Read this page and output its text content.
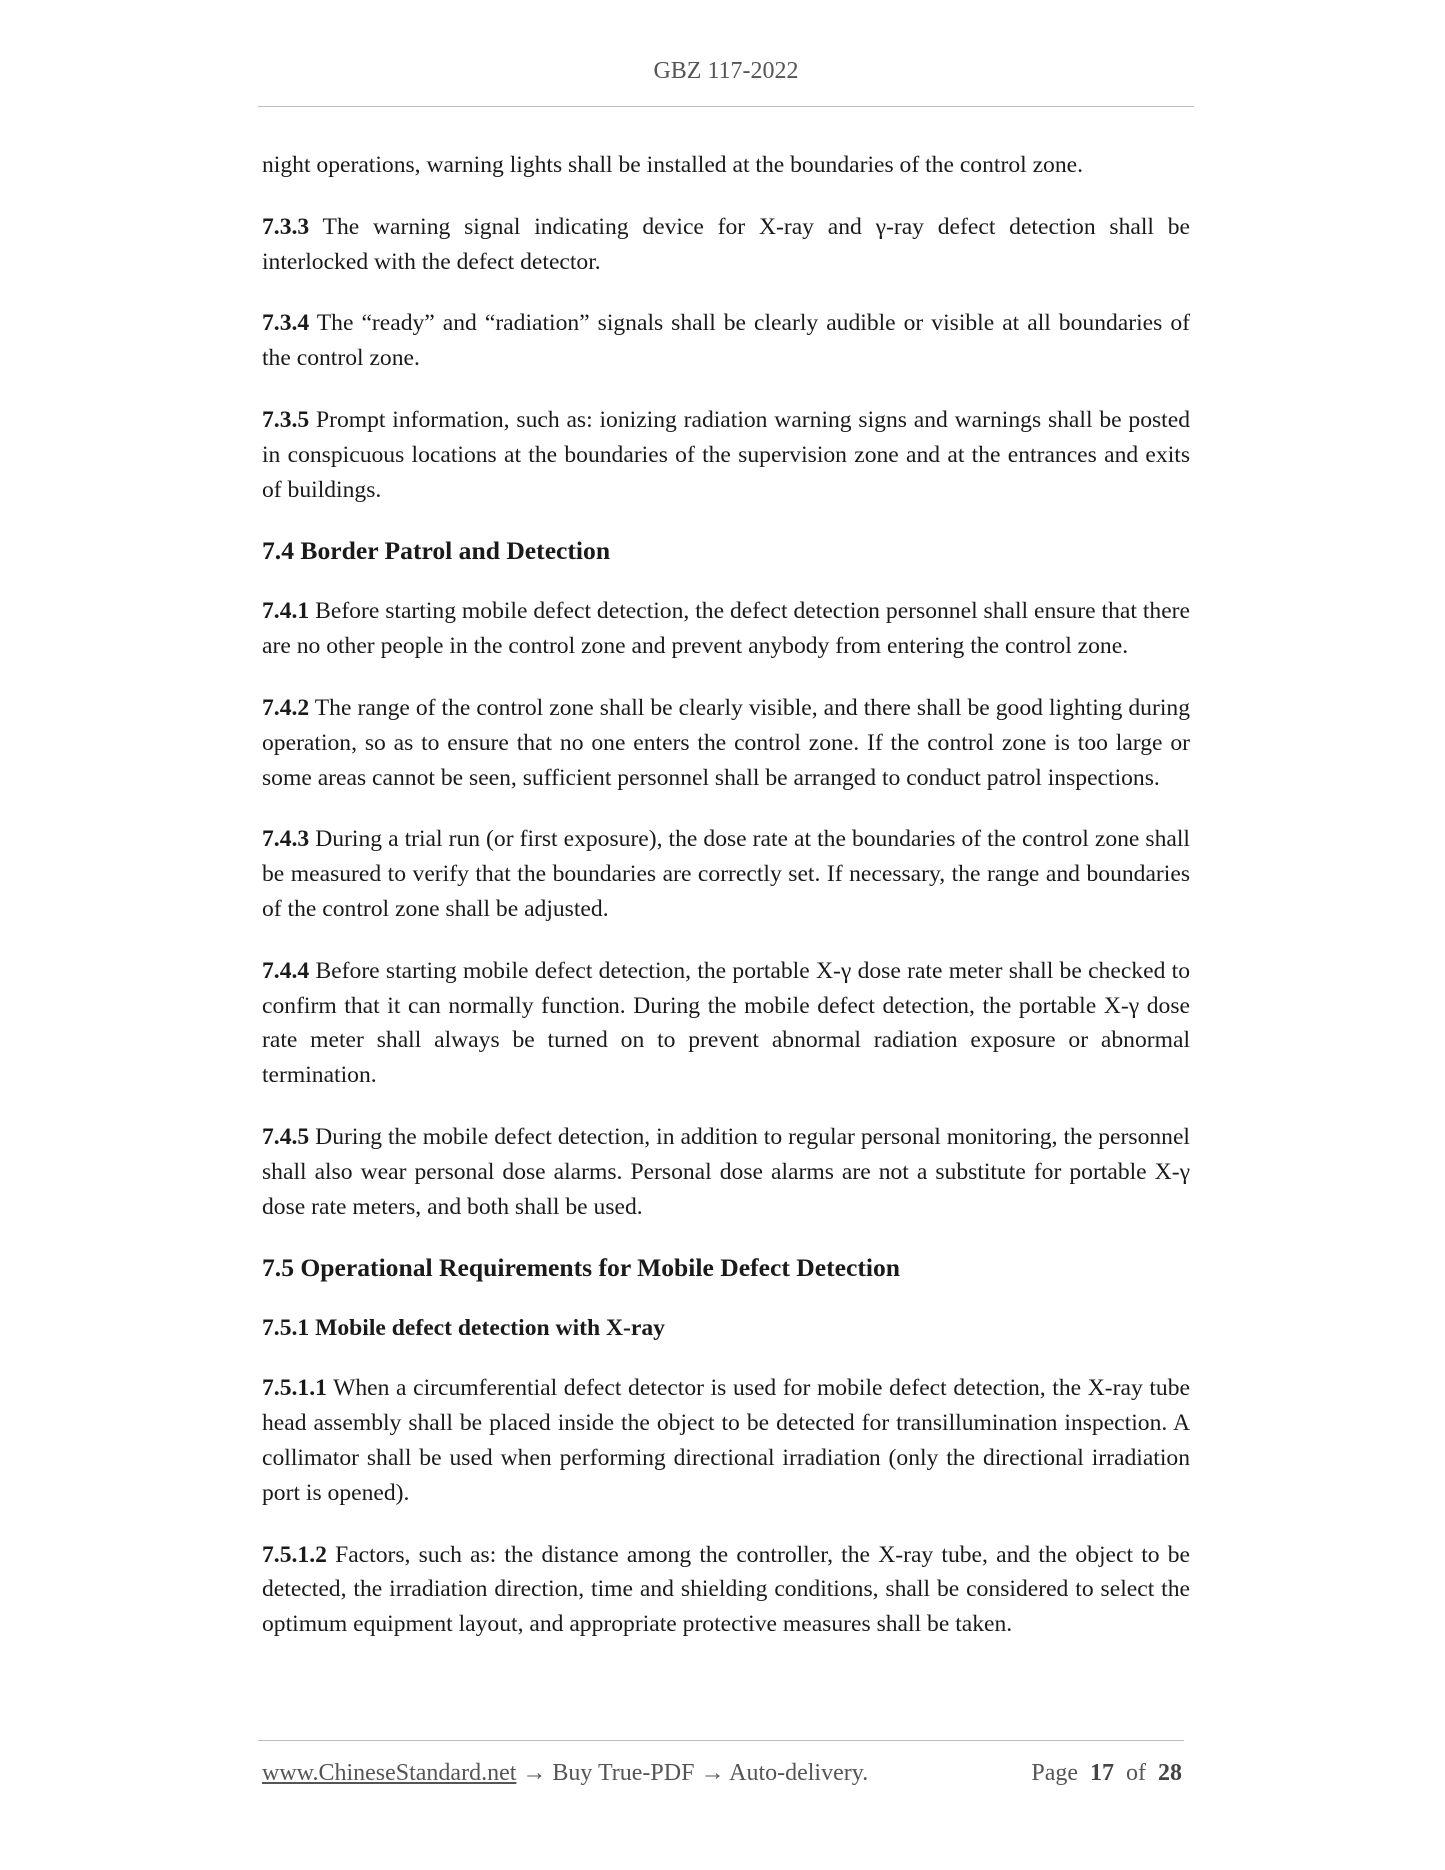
GBZ 117-2022

night operations, warning lights shall be installed at the boundaries of the control zone.

7.3.3 The warning signal indicating device for X-ray and γ-ray defect detection shall be interlocked with the defect detector.

7.3.4 The “ready” and “radiation” signals shall be clearly audible or visible at all boundaries of the control zone.

7.3.5 Prompt information, such as: ionizing radiation warning signs and warnings shall be posted in conspicuous locations at the boundaries of the supervision zone and at the entrances and exits of buildings.

7.4 Border Patrol and Detection

7.4.1 Before starting mobile defect detection, the defect detection personnel shall ensure that there are no other people in the control zone and prevent anybody from entering the control zone.

7.4.2 The range of the control zone shall be clearly visible, and there shall be good lighting during operation, so as to ensure that no one enters the control zone. If the control zone is too large or some areas cannot be seen, sufficient personnel shall be arranged to conduct patrol inspections.

7.4.3 During a trial run (or first exposure), the dose rate at the boundaries of the control zone shall be measured to verify that the boundaries are correctly set. If necessary, the range and boundaries of the control zone shall be adjusted.

7.4.4 Before starting mobile defect detection, the portable X-γ dose rate meter shall be checked to confirm that it can normally function. During the mobile defect detection, the portable X-γ dose rate meter shall always be turned on to prevent abnormal radiation exposure or abnormal termination.

7.4.5 During the mobile defect detection, in addition to regular personal monitoring, the personnel shall also wear personal dose alarms. Personal dose alarms are not a substitute for portable X-γ dose rate meters, and both shall be used.

7.5 Operational Requirements for Mobile Defect Detection
7.5.1 Mobile defect detection with X-ray

7.5.1.1 When a circumferential defect detector is used for mobile defect detection, the X-ray tube head assembly shall be placed inside the object to be detected for transillumination inspection. A collimator shall be used when performing directional irradiation (only the directional irradiation port is opened).

7.5.1.2 Factors, such as: the distance among the controller, the X-ray tube, and the object to be detected, the irradiation direction, time and shielding conditions, shall be considered to select the optimum equipment layout, and appropriate protective measures shall be taken.

www.ChineseStandard.net → Buy True-PDF → Auto-delivery.	Page 17 of 28
